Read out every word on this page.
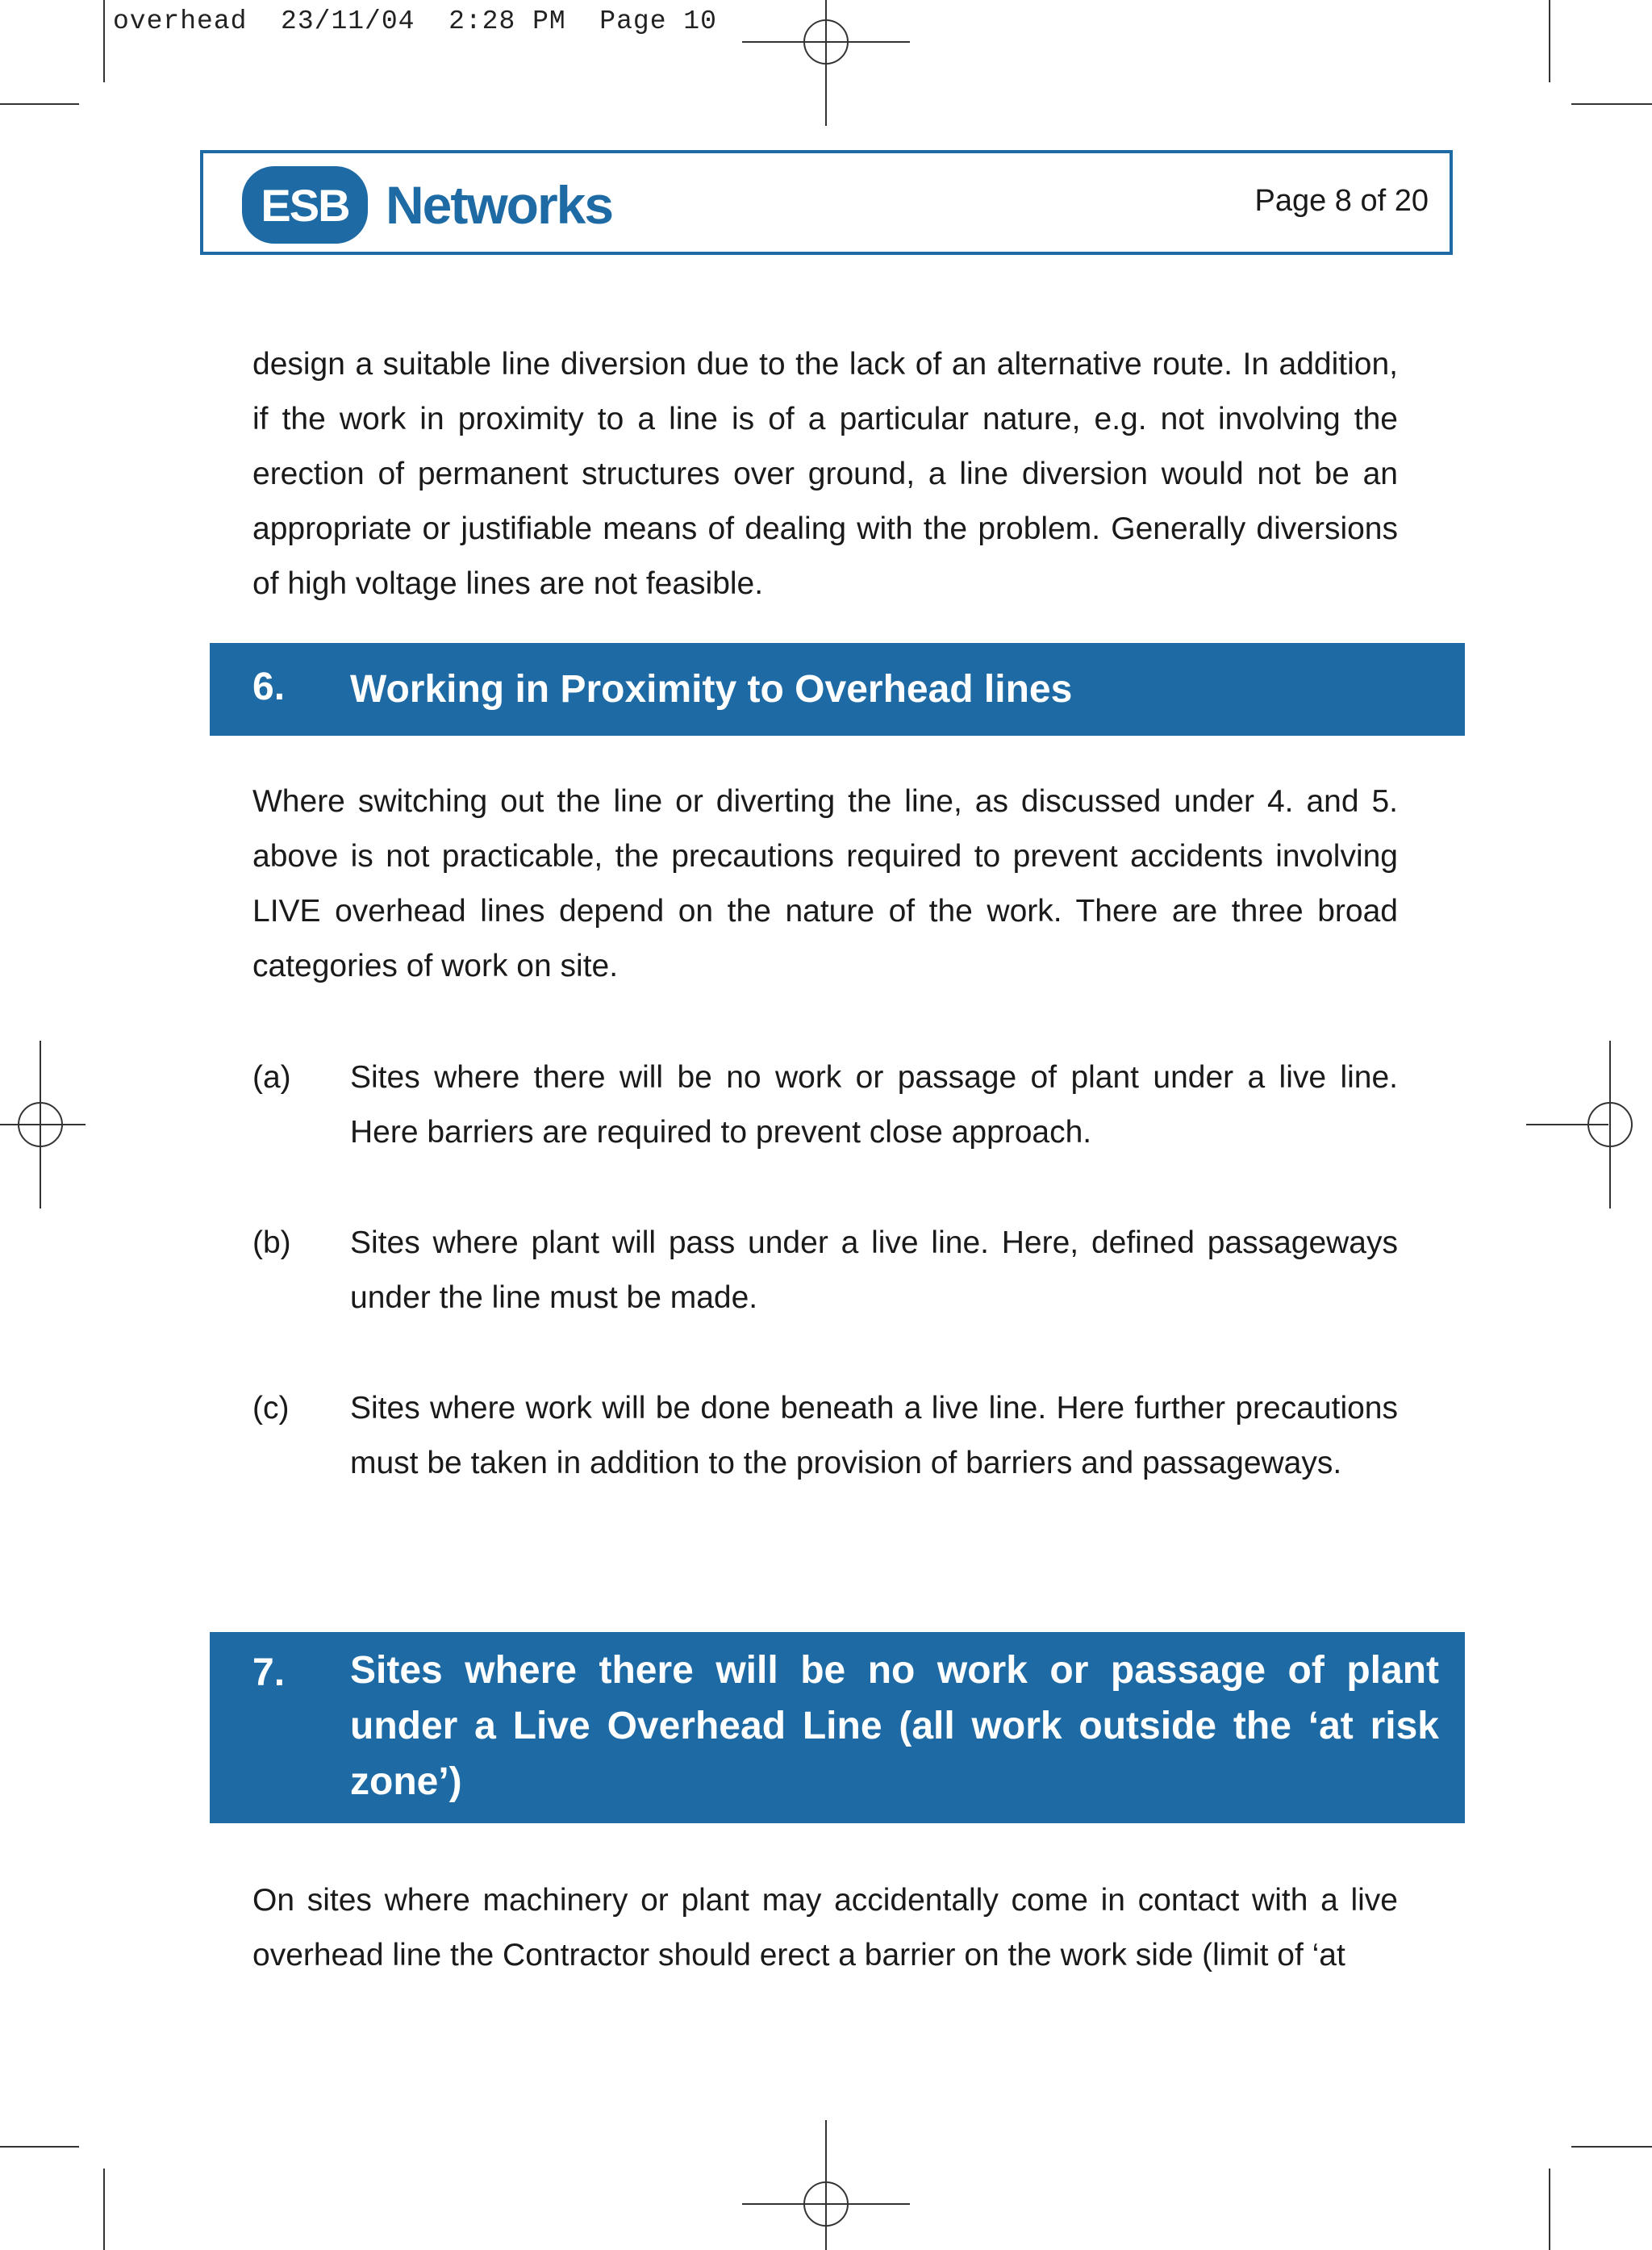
overhead  23/11/04  2:28 PM  Page 10
ESB Networks	Page 8 of 20
design a suitable line diversion due to the lack of an alternative route. In addition, if the work in proximity to a line is of a particular nature, e.g. not involving the erection of permanent structures over ground, a line diversion would not be an appropriate or justifiable means of dealing with the problem. Generally diversions of high voltage lines are not feasible.
6. Working in Proximity to Overhead lines
Where switching out the line or diverting the line, as discussed under 4. and 5. above is not practicable, the precautions required to prevent accidents involving LIVE overhead lines depend on the nature of the work. There are three broad categories of work on site.
(a) Sites where there will be no work or passage of plant under a live line. Here barriers are required to prevent close approach.
(b) Sites where plant will pass under a live line. Here, defined passageways under the line must be made.
(c) Sites where work will be done beneath a live line. Here further precautions must be taken in addition to the provision of barriers and passageways.
7. Sites where there will be no work or passage of plant under a Live Overhead Line (all work outside the ‘at risk zone’)
On sites where machinery or plant may accidentally come in contact with a live overhead line the Contractor should erect a barrier on the work side (limit of ‘at
